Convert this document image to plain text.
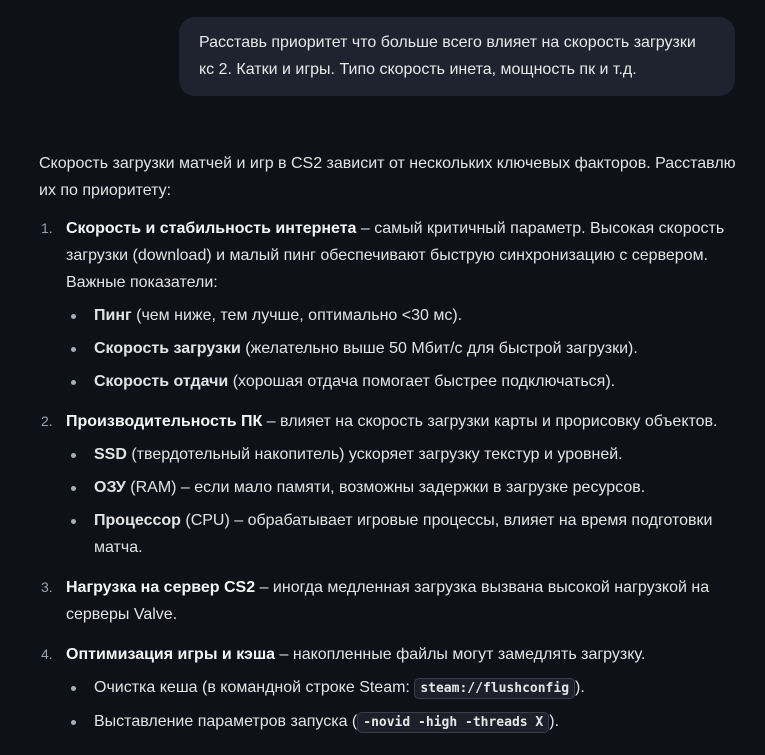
Расставь приоритет что больше всего влияет на скорость загрузки кс 2. Катки и игры. Типо скорость инета, мощность пк и т.д.

Скорость загрузки матчей и игр в CS2 зависит от нескольких ключевых факторов. Расставлю их по приоритету:

1. Скорость и стабильность интернета – самый критичный параметр. Высокая скорость загрузки (download) и малый пинг обеспечивают быструю синхронизацию с сервером. Важные показатели:
Пинг (чем ниже, тем лучше, оптимально <30 мс).
Скорость загрузки (желательно выше 50 Мбит/с для быстрой загрузки).
Скорость отдачи (хорошая отдача помогает быстрее подключаться).
2. Производительность ПК – влияет на скорость загрузки карты и прорисовку объектов.
SSD (твердотельный накопитель) ускоряет загрузку текстур и уровней.
ОЗУ (RAM) – если мало памяти, возможны задержки в загрузке ресурсов.
Процессор (CPU) – обрабатывает игровые процессы, влияет на время подготовки матча.
3. Нагрузка на сервер CS2 – иногда медленная загрузка вызвана высокой нагрузкой на серверы Valve.
4. Оптимизация игры и кэша – накопленные файлы могут замедлять загрузку.
Очистка кеша (в командной строке Steam: steam://flushconfig ).
Выставление параметров запуска ( -novid -high -threads X ).
